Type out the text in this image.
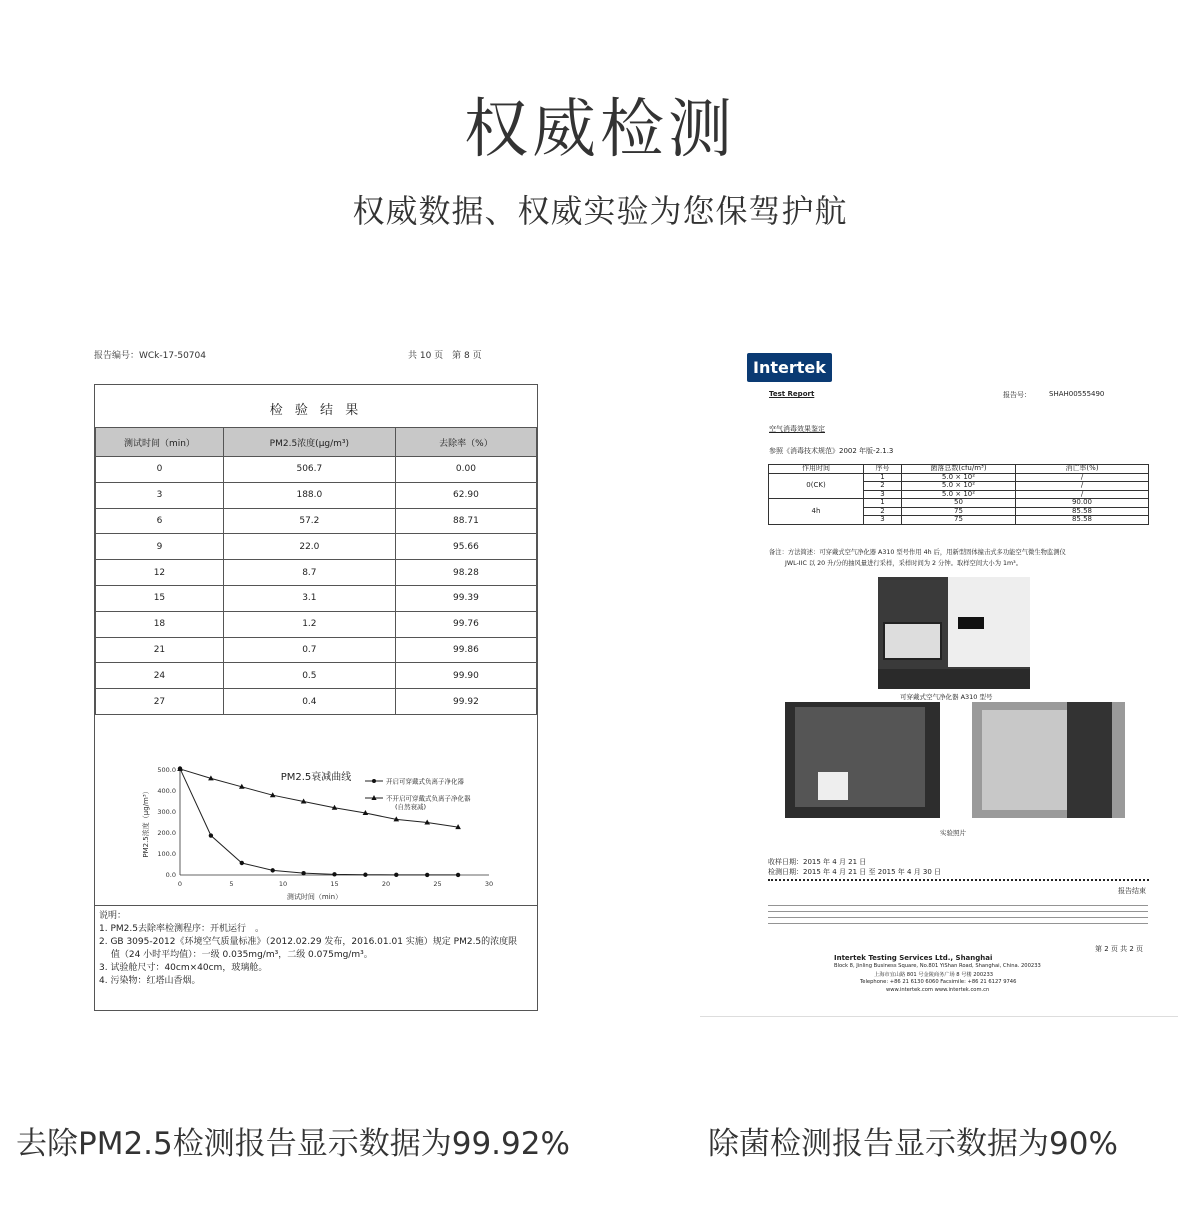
权威检测
权威数据、权威实验为您保驾护航
报告编号：WCk-17-50704	共 10 页　第 8 页
检 验 结 果
测试时间（min）	PM2.5浓度(μg/m³)	去除率（%）
0	506.7	0.00
3	188.0	62.90
6	57.2	88.71
9	22.0	95.66
12	8.7	98.28
15	3.1	99.39
18	1.2	99.76
21	0.7	99.86
24	0.5	99.90
27	0.4	99.92
PM2.5衰减曲线
0	5	10	15	20	25	30
0.0
100.0
200.0
300.0
400.0
500.0
测试时间（min）
PM2.5浓度（μg/m³）
开启可穿戴式负离子净化器
不开启可穿戴式负离子净化器
(自然衰减)
说明：
1. PM2.5去除率检测程序：开机运行　。
2. GB 3095-2012《环境空气质量标准》（2012.02.29 发布，2016.01.01 实施）规定 PM2.5的浓度限
　 值（24 小时平均值）：一级 0.035mg/m³，二级 0.075mg/m³。
3. 试验舱尺寸：40cm×40cm，玻璃舱。
4. 污染物：红塔山香烟。
Intertek
Test Report	报告号：	SHAH00555490
空气消毒效果鉴定
参照《消毒技术规范》2002 年版-2.1.3
作用时间	序号	菌落总数(cfu/m³)	消亡率(%)
0(CK)	1	5.0 × 10²	/
	2	5.0 × 10²	/
	3	5.0 × 10²	/
4h	1	50	90.00
	2	75	85.58
	3	75	85.58
备注：方法简述：可穿戴式空气净化器 A310 型号作用 4h 后，用新型固体撞击式多功能空气微生物监测仪
JWL-IIC 以 20 升/分的抽风量进行采样，采样时间为 2 分钟。取样空间大小为 1m³。
可穿戴式空气净化器 A310 型号
实验照片
收样日期：2015 年 4 月 21 日
检测日期：2015 年 4 月 21 日 至 2015 年 4 月 30 日
报告结束
第 2 页 共 2 页
Intertek Testing Services Ltd., Shanghai
Block 8, Jinling Business Square, No.801 YiShan Road, Shanghai, China. 200233
上海市宜山路 801 号金陵商务广场 8 号楼 200233
Telephone: +86 21 6130 6060 Facsimile: +86 21 6127 9746
www.intertek.com www.intertek.com.cn
去除PM2.5检测报告显示数据为99.92%	除菌检测报告显示数据为90%
